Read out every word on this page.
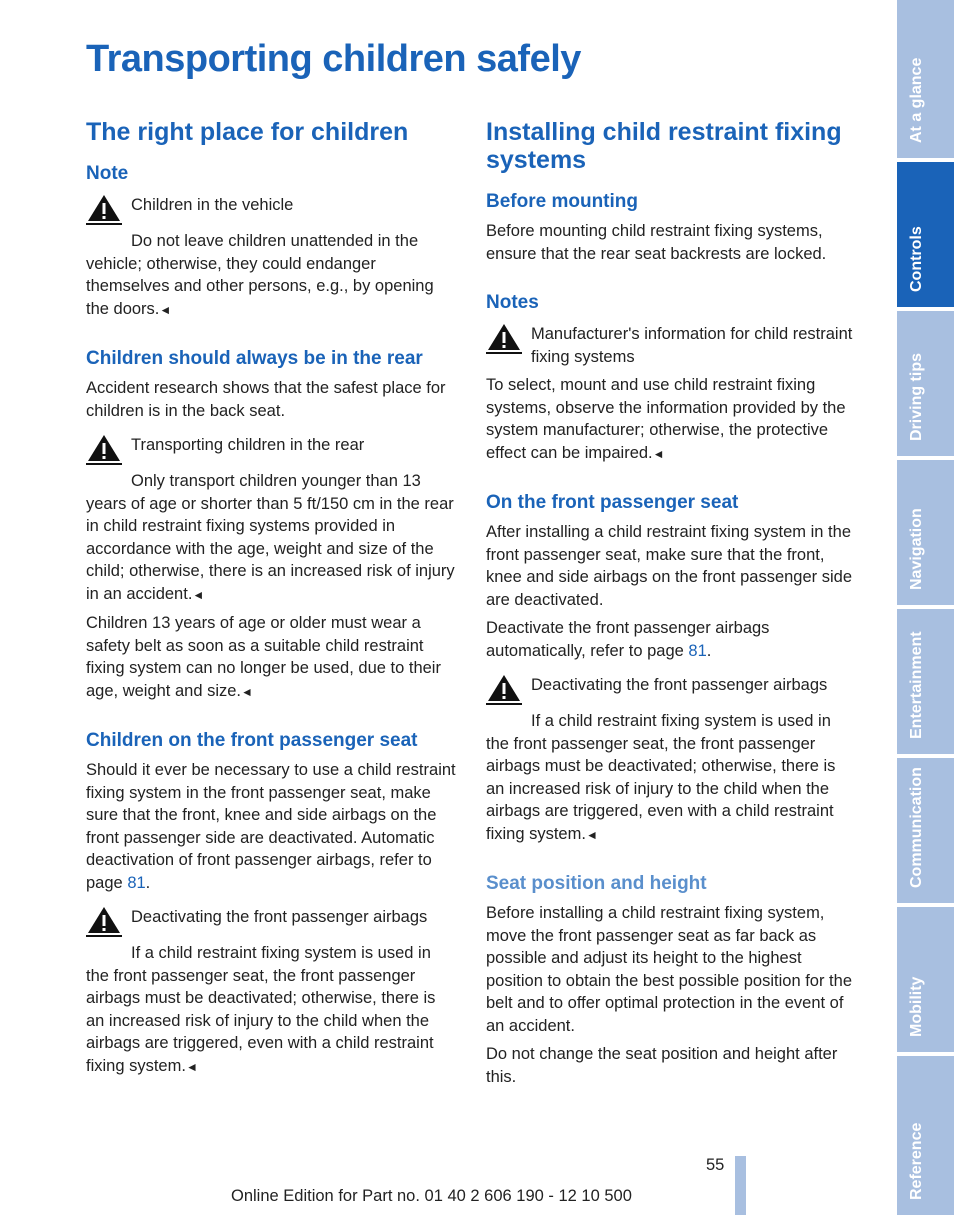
Transporting children safely
The right place for children
Note
Children in the vehicle

Do not leave children unattended in the vehicle; otherwise, they could endanger themselves and other persons, e.g., by opening the doors.◄

Children should always be in the rear

Accident research shows that the safest place for children is in the back seat.

Transporting children in the rear

Only transport children younger than 13 years of age or shorter than 5 ft/150 cm in the rear in child restraint fixing systems provided in accordance with the age, weight and size of the child; otherwise, there is an increased risk of injury in an accident.◄

Children 13 years of age or older must wear a safety belt as soon as a suitable child restraint fixing system can no longer be used, due to their age, weight and size.◄

Children on the front passenger seat

Should it ever be necessary to use a child restraint fixing system in the front passenger seat, make sure that the front, knee and side airbags on the front passenger side are deactivated. Automatic deactivation of front passenger airbags, refer to page 81.

Deactivating the front passenger airbags

If a child restraint fixing system is used in the front passenger seat, the front passenger airbags must be deactivated; otherwise, there is an increased risk of injury to the child when the airbags are triggered, even with a child restraint fixing system.◄

Installing child restraint fixing systems
Before mounting

Before mounting child restraint fixing systems, ensure that the rear seat backrests are locked.

Notes
Manufacturer's information for child restraint fixing systems

To select, mount and use child restraint fixing systems, observe the information provided by the system manufacturer; otherwise, the protective effect can be impaired.◄

On the front passenger seat

After installing a child restraint fixing system in the front passenger seat, make sure that the front, knee and side airbags on the front passenger side are deactivated.

Deactivate the front passenger airbags automatically, refer to page 81.

Deactivating the front passenger airbags

If a child restraint fixing system is used in the front passenger seat, the front passenger airbags must be deactivated; otherwise, there is an increased risk of injury to the child when the airbags are triggered, even with a child restraint fixing system.◄

Seat position and height

Before installing a child restraint fixing system, move the front passenger seat as far back as possible and adjust its height to the highest position to obtain the best possible position for the belt and to offer optimal protection in the event of an accident.

Do not change the seat position and height after this.

At a glance
Controls
Driving tips
Navigation
Entertainment
Communication
Mobility
Reference
55
Online Edition for Part no. 01 40 2 606 190 - 12 10 500
